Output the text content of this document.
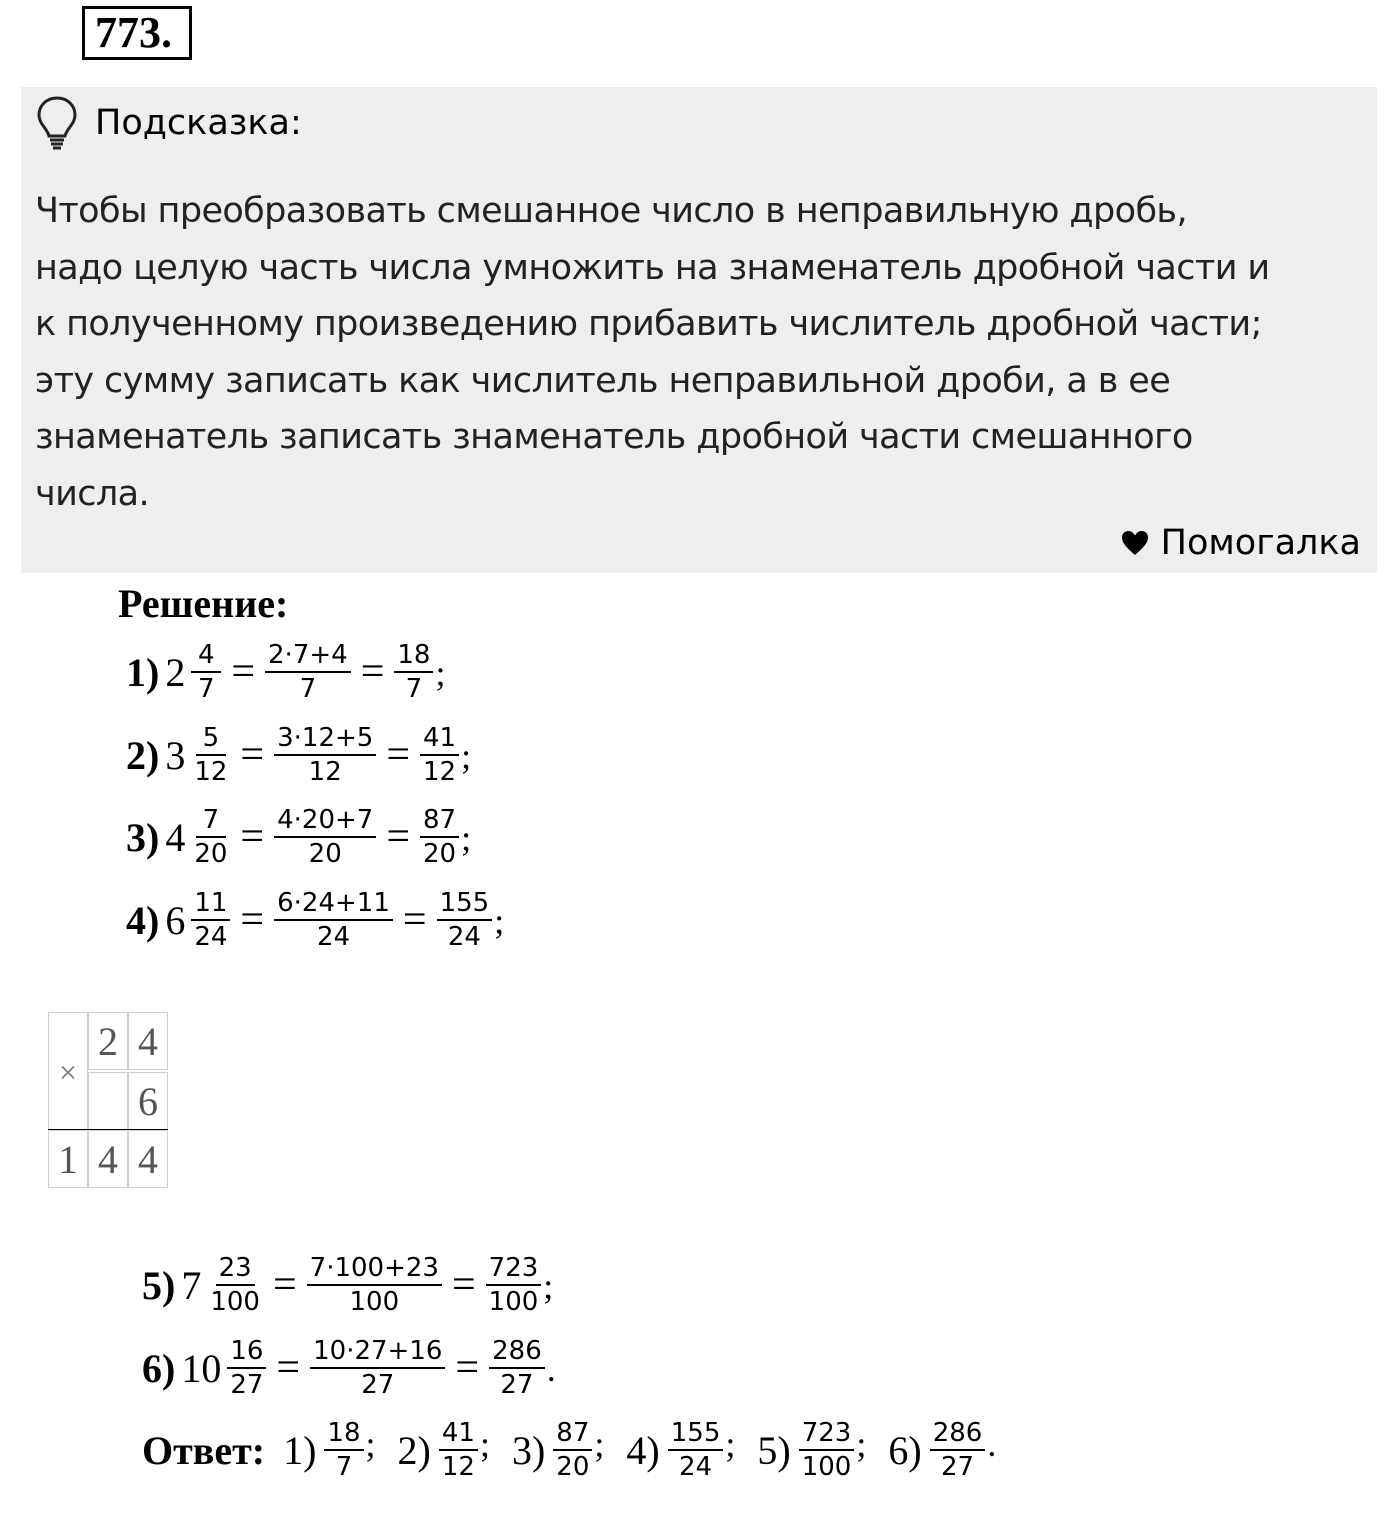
773.
Подсказка:
Чтобы преобразовать смешанное число в неправильную дробь,
надо целую часть числа умножить на знаменатель дробной части и
к полученному произведению прибавить числитель дробной части;
эту сумму записать как числитель неправильной дроби, а в ее
знаменатель записать знаменатель дробной части смешанного
числа.
Помогалка
Решение:
1) $2 \frac{4}{7} = \frac{2\cdot 7+4}{7} = \frac{18}{7}$ ;
2) $3 \frac{5}{12} = \frac{3\cdot 12+5}{12} = \frac{41}{12}$ ;
3) $4 \frac{7}{20} = \frac{4\cdot 20+7}{20} = \frac{87}{20}$ ;
4) $6 \frac{11}{24} = \frac{6\cdot 24+11}{24} = \frac{155}{24}$ ;
×
2 4
6
1 4 4
5) $7 \frac{23}{100} = \frac{7\cdot 100+23}{100} = \frac{723}{100}$ ;
6) $10 \frac{16}{27} = \frac{10\cdot 27+16}{27} = \frac{286}{27}$ .
Ответ: $1) \frac{18}{7}$ ; $2) \frac{41}{12}$ ; $3) \frac{87}{20}$ ; $4) \frac{155}{24}$ ; $5) \frac{723}{100}$ ; $6) \frac{286}{27}$ .
